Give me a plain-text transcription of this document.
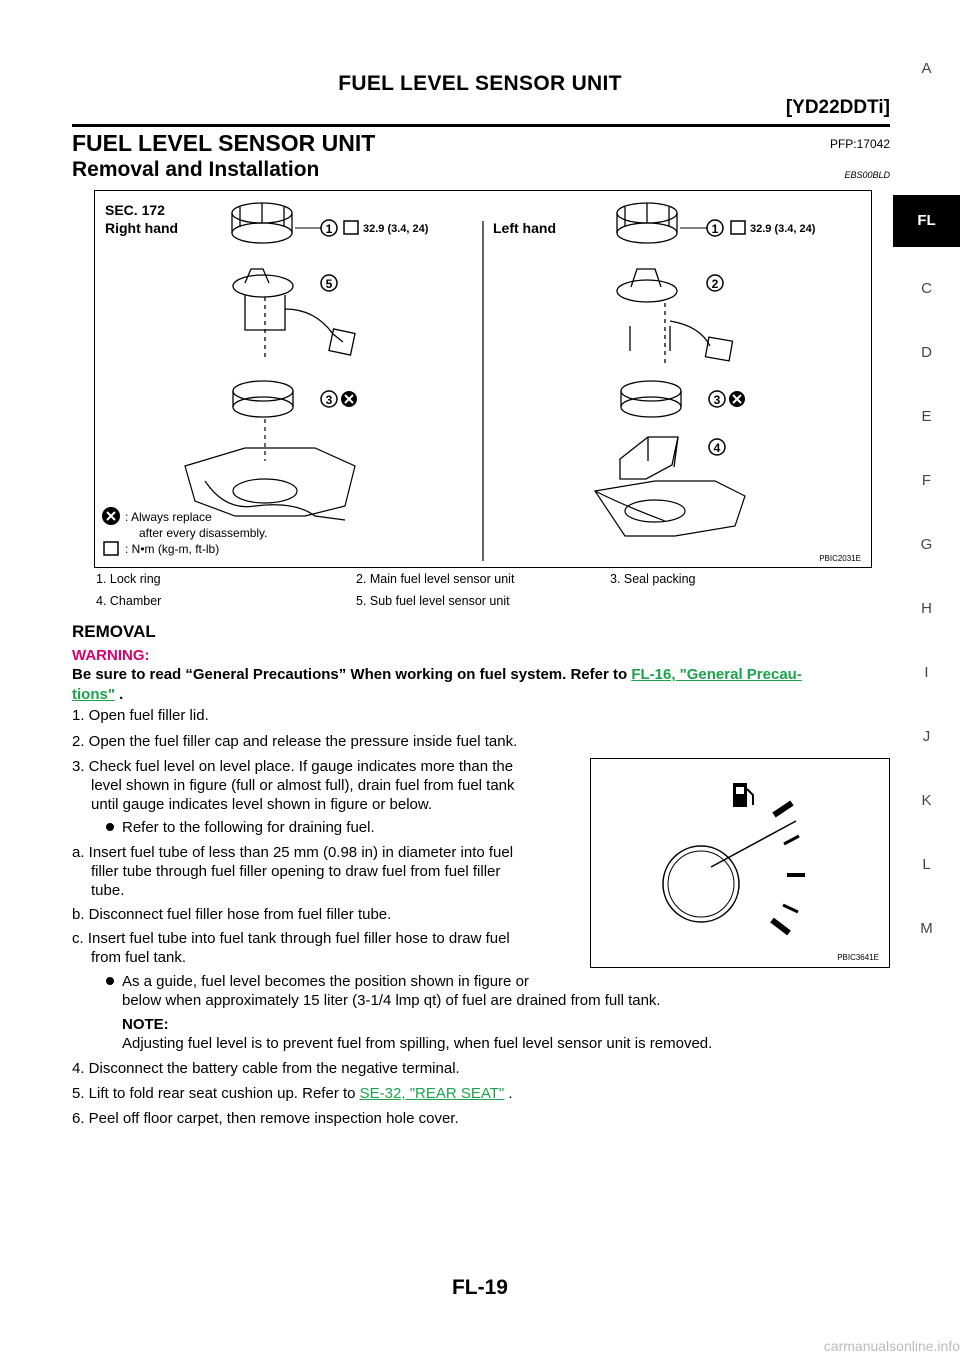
FUEL LEVEL SENSOR UNIT
[YD22DDTi]
FUEL LEVEL SENSOR UNIT	PFP:17042
Removal and Installation	EBS00BLD
SEC. 172
Right hand	Left hand
1	32.9 (3.4, 24)
5
3
1	32.9 (3.4, 24)
2
3
4
: Always replace
after every disassembly.
: N•m (kg-m, ft-lb)
PBIC2031E
1. Lock ring	2. Main fuel level sensor unit	3. Seal packing
4. Chamber	5. Sub fuel level sensor unit
REMOVAL
WARNING:
Be sure to read “General Precautions” When working on fuel system. Refer to FL-16, "General Precau-
tions" .
1. Open fuel filler lid.
2. Open the fuel filler cap and release the pressure inside fuel tank.
3. Check fuel level on level place. If gauge indicates more than the
level shown in figure (full or almost full), drain fuel from fuel tank
until gauge indicates level shown in figure or below.
Refer to the following for draining fuel.
a. Insert fuel tube of less than 25 mm (0.98 in) in diameter into fuel
filler tube through fuel filler opening to draw fuel from fuel filler
tube.
b. Disconnect fuel filler hose from fuel filler tube.
c. Insert fuel tube into fuel tank through fuel filler hose to draw fuel
from fuel tank.
As a guide, fuel level becomes the position shown in figure or
below when approximately 15 liter (3-1/4 lmp qt) of fuel are drained from full tank.
NOTE:
Adjusting fuel level is to prevent fuel from spilling, when fuel level sensor unit is removed.
4. Disconnect the battery cable from the negative terminal.
5. Lift to fold rear seat cushion up. Refer to SE-32, "REAR SEAT" .
6. Peel off floor carpet, then remove inspection hole cover.
PBIC3641E
A
FL
C
D
E
F
G
H
I
J
K
L
M
FL-19
carmanualsonline.info
